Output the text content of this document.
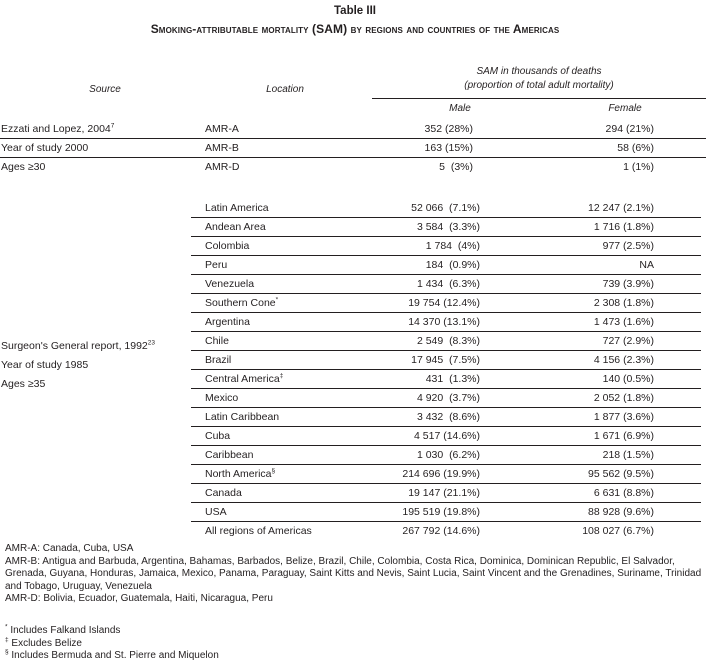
Table III
Smoking-attributable mortality (SAM) by regions and countries of the Americas
Source	Location
SAM in thousands of deaths
(proportion of total adult mortality)
Male	Female
Ezzati and Lopez, 2004$^7$	AMR-A	352 (28%)	294 (21%)
Year of study 2000	AMR-B	163 (15%)	58 (6%)
Ages ≥30	AMR-D	5  (3%)	1 (1%)
Surgeon's General report, 1992$^{23}$
Year of study 1985
Ages ≥35
Latin America	52 066  (7.1%)	12 247 (2.1%)
Andean Area	3 584  (3.3%)	1 716 (1.8%)
Colombia	1 784  (4%)	977 (2.5%)
Peru	184  (0.9%)	NA
Venezuela	1 434  (6.3%)	739 (3.9%)
Southern Cone*	19 754 (12.4%)	2 308 (1.8%)
Argentina	14 370 (13.1%)	1 473 (1.6%)
Chile	2 549  (8.3%)	727 (2.9%)
Brazil	17 945  (7.5%)	4 156 (2.3%)
Central America‡	431  (1.3%)	140 (0.5%)
Mexico	4 920  (3.7%)	2 052 (1.8%)
Latin Caribbean	3 432  (8.6%)	1 877 (3.6%)
Cuba	4 517 (14.6%)	1 671 (6.9%)
Caribbean	1 030  (6.2%)	218 (1.5%)
North America§	214 696 (19.9%)	95 562 (9.5%)
Canada	19 147 (21.1%)	6 631 (8.8%)
USA	195 519 (19.8%)	88 928 (9.6%)
All regions of Americas	267 792 (14.6%)	108 027 (6.7%)
AMR-A: Canada, Cuba, USA
AMR-B: Antigua and Barbuda, Argentina, Bahamas, Barbados, Belize, Brazil, Chile, Colombia, Costa Rica, Dominica, Dominican Republic, El Salvador, Grenada, Guyana, Honduras, Jamaica, Mexico, Panama, Paraguay, Saint Kitts and Nevis, Saint Lucia, Saint Vincent and the Grenadines, Suriname, Trinidad and Tobago, Uruguay, Venezuela
AMR-D: Bolivia, Ecuador, Guatemala, Haiti, Nicaragua, Peru
* Includes Falkand Islands
‡ Excludes Belize
§ Includes Bermuda and St. Pierre and Miquelon
